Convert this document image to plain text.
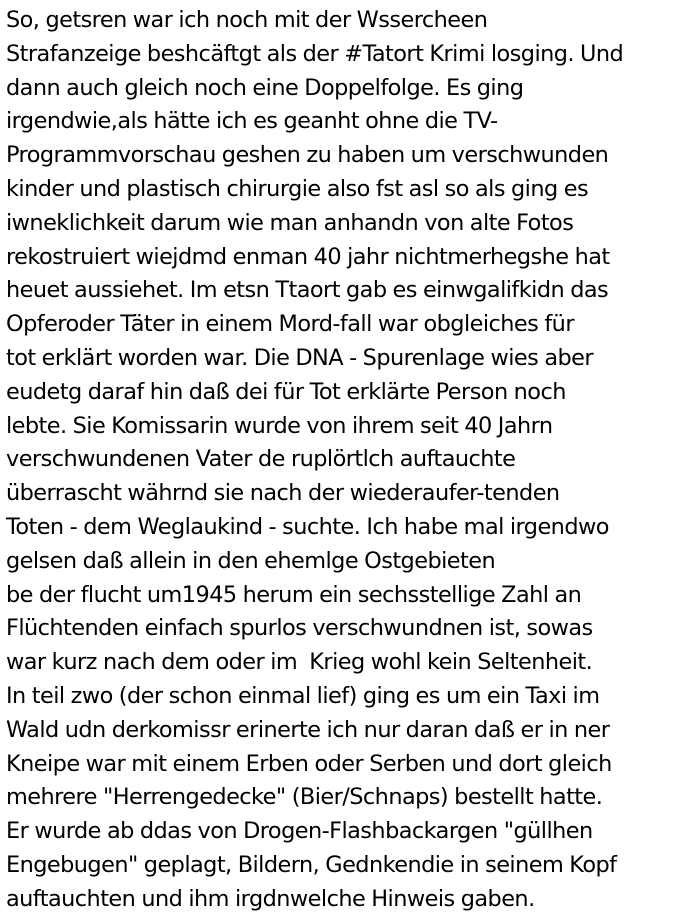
So, getsren war ich noch mit der Wssercheen
Strafanzeige beshcäftgt als der #Tatort Krimi losging. Und
dann auch gleich noch eine Doppelfolge. Es ging
irgendwie,als hätte ich es geanht ohne die TV-
Programmvorschau geshen zu haben um verschwunden
kinder und plastisch chirurgie also fst asl so als ging es
iwneklichkeit darum wie man anhandn von alte Fotos
rekostruiert wiejdmd enman 40 jahr nichtmerhegshe hat
heuet aussiehet. Im etsn Ttaort gab es einwgalifkidn das
Opferoder Täter in einem Mord-fall war obgleiches für
tot erklärt worden war. Die DNA - Spurenlage wies aber
eudetg daraf hin daß dei für Tot erklärte Person noch
lebte. Sie Komissarin wurde von ihrem seit 40 Jahrn
verschwundenen Vater de ruplörtlch auftauchte
überrascht währnd sie nach der wiederaufer-tenden
Toten - dem Weglaukind - suchte. Ich habe mal irgendwo
gelsen daß allein in den ehemlge Ostgebieten
be der flucht um1945 herum ein sechsstellige Zahl an
Flüchtenden einfach spurlos verschwundnen ist, sowas
war kurz nach dem oder im  Krieg wohl kein Seltenheit.
In teil zwo (der schon einmal lief) ging es um ein Taxi im
Wald udn derkomissr erinerte ich nur daran daß er in ner
Kneipe war mit einem Erben oder Serben und dort gleich
mehrere "Herrengedecke" (Bier/Schnaps) bestellt hatte.
Er wurde ab ddas von Drogen-Flashbackargen "güllhen
Engebugen" geplagt, Bildern, Gednkendie in seinem Kopf
auftauchten und ihm irgdnwelche Hinweis gaben.
